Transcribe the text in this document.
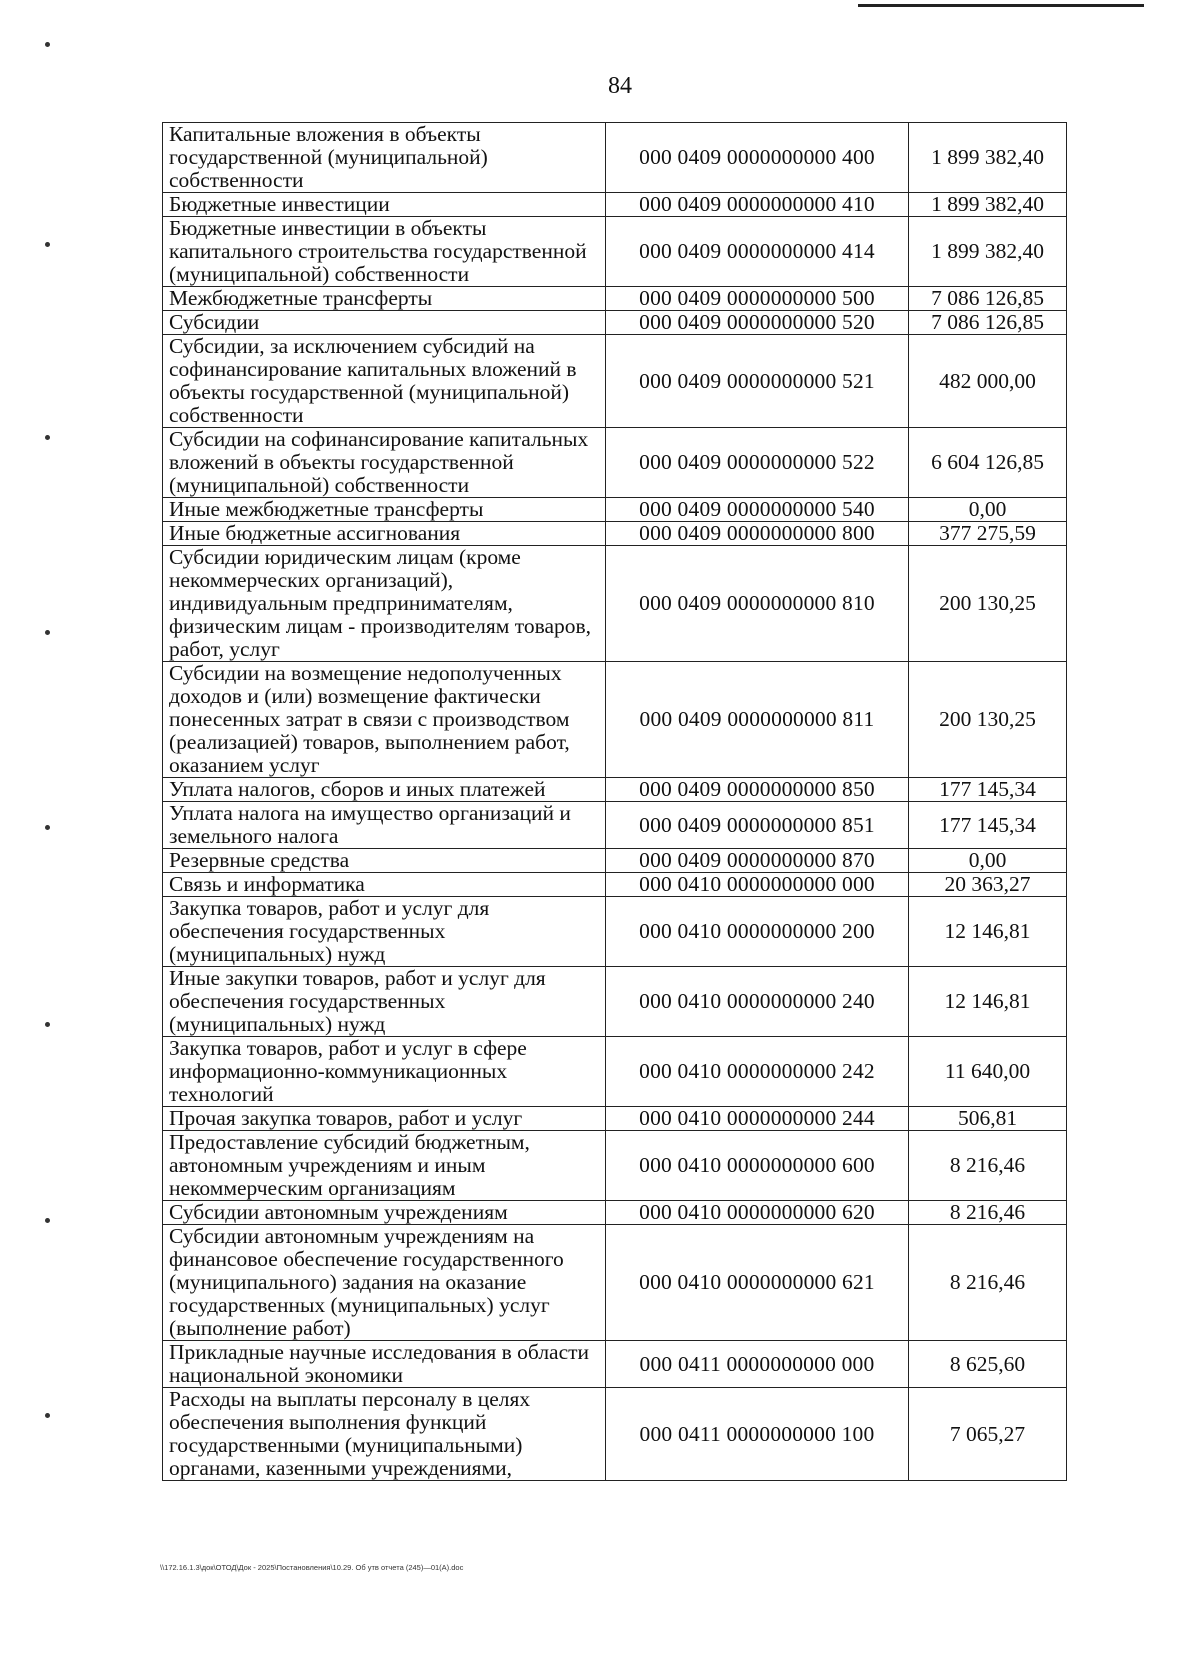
84
Капитальные вложения в объекты государственной (муниципальной) собственности	000 0409 0000000000 400	1 899 382,40
Бюджетные инвестиции	000 0409 0000000000 410	1 899 382,40
Бюджетные инвестиции в объекты капитального строительства государственной (муниципальной) собственности	000 0409 0000000000 414	1 899 382,40
Межбюджетные трансферты	000 0409 0000000000 500	7 086 126,85
Субсидии	000 0409 0000000000 520	7 086 126,85
Субсидии, за исключением субсидий на софинансирование капитальных вложений в объекты государственной (муниципальной) собственности	000 0409 0000000000 521	482 000,00
Субсидии на софинансирование капитальных вложений в объекты государственной (муниципальной) собственности	000 0409 0000000000 522	6 604 126,85
Иные межбюджетные трансферты	000 0409 0000000000 540	0,00
Иные бюджетные ассигнования	000 0409 0000000000 800	377 275,59
Субсидии юридическим лицам (кроме некоммерческих организаций), индивидуальным предпринимателям, физическим лицам - производителям товаров, работ, услуг	000 0409 0000000000 810	200 130,25
Субсидии на возмещение недополученных доходов и (или) возмещение фактически понесенных затрат в связи с производством (реализацией) товаров, выполнением работ, оказанием услуг	000 0409 0000000000 811	200 130,25
Уплата налогов, сборов и иных платежей	000 0409 0000000000 850	177 145,34
Уплата налога на имущество организаций и земельного налога	000 0409 0000000000 851	177 145,34
Резервные средства	000 0409 0000000000 870	0,00
Связь и информатика	000 0410 0000000000 000	20 363,27
Закупка товаров, работ и услуг для обеспечения государственных (муниципальных) нужд	000 0410 0000000000 200	12 146,81
Иные закупки товаров, работ и услуг для обеспечения государственных (муниципальных) нужд	000 0410 0000000000 240	12 146,81
Закупка товаров, работ и услуг в сфере информационно-коммуникационных технологий	000 0410 0000000000 242	11 640,00
Прочая закупка товаров, работ и услуг	000 0410 0000000000 244	506,81
Предоставление субсидий бюджетным, автономным учреждениям и иным некоммерческим организациям	000 0410 0000000000 600	8 216,46
Субсидии автономным учреждениям	000 0410 0000000000 620	8 216,46
Субсидии автономным учреждениям на финансовое обеспечение государственного (муниципального) задания на оказание государственных (муниципальных) услуг (выполнение работ)	000 0410 0000000000 621	8 216,46
Прикладные научные исследования в области национальной экономики	000 0411 0000000000 000	8 625,60
Расходы на выплаты персоналу в целях обеспечения выполнения функций государственными (муниципальными) органами, казенными учреждениями,	000 0411 0000000000 100	7 065,27
\\172.16.1.3\док\ОТОД\Док - 2025\Постановления\10.29. Об утв отчета (245)—01(А).doc
